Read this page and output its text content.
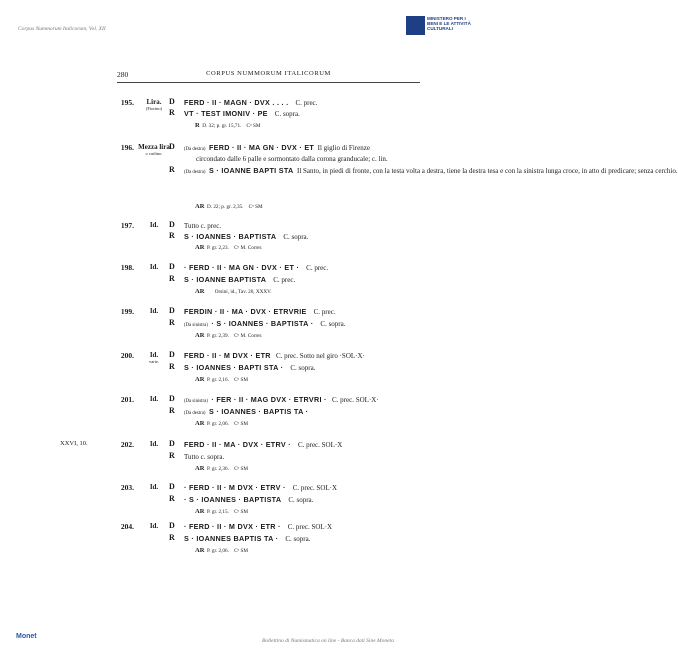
Corpus Nummorum Italicorum, Vol. XII
MINISTERO PER I BENI E LE ATTIVITÀ CULTURALI
280	CORPUS NUMMORUM ITALICORUM
195.	Lira.
(Fiorino)
D FERD · II · MAGN · DVX . . . . C. prec.
R VT · TEST IMONIV · PE C. sopra.
R D. 32; p. gr. 15,71. Cᵘ SM
196. Mezza lira
o carlino.
D (Da destra) FERD · II · MA GN · DVX · ET Il giglio di Firenze
circondato dalle 6 palle e sormontato dalla corona granducale; c. lin.
R (Da destra) S · IOANNE BAPTI STA Il Santo, in piedi di fronte, con la testa volta a destra, tiene la destra tesa e con la sinistra lunga croce, in atto di predicare; senza cerchio.
AR D. 22; p. gr. 2,35. Cᵘ SM
197.	Id.	D Tutto c. prec.
R S · IOANNES · BAPTISTA C. sopra.
AR P. gr. 2,23. Cᵘ M. Correr.
198.	Id.	D · FERD · II · MA GN · DVX · ET · C. prec.
R S · IOANNE BAPTISTA C. prec.
AR Orsini, id., Tav. 20, XXXV.
199.	Id.	D FERDIN · II · MA · DVX · ETRVRIE C. prec.
R (Da sinistra) · S · IOANNES · BAPTISTA · C. sopra.
AR P. gr. 2,39. Cᵘ M. Correr.
200.	Id.
varie.
D FERD · II · M DVX · ETR C. prec. Sotto nel giro ·SOL·X·
R S · IOANNES · BAPTI STA · C. sopra.
AR P. gr. 2,16. Cᵘ SM
201.	Id.	D (Da sinistra) · FER · II · MAG DVX · ETRVRI · C. prec. SOL·X·
R (Da destra) S · IOANNES · BAPTIS TA ·
AR P. gr. 2,06. Cᵘ SM
XXVI, 10.	202.	Id.	D FERD · II · MA · DVX · ETRV · C. prec. SOL·X
R Tutto c. sopra.
AR P. gr. 2,36. Cᵘ SM
203.	Id.	D · FERD · II · M DVX · ETRV · C. prec. SOL·X
R · S · IOANNES · BAPTISTA C. sopra.
AR P. gr. 2,15. Cᵘ SM
204.	Id.	D · FERD · II · M DVX · ETR · C. prec. SOL·X
R S · IOANNES BAPTIS TA · C. sopra.
AR P. gr. 2,06. Cᵘ SM
Monet
Bollettino di Numismatica on line - Banca dati Sine Moneta
